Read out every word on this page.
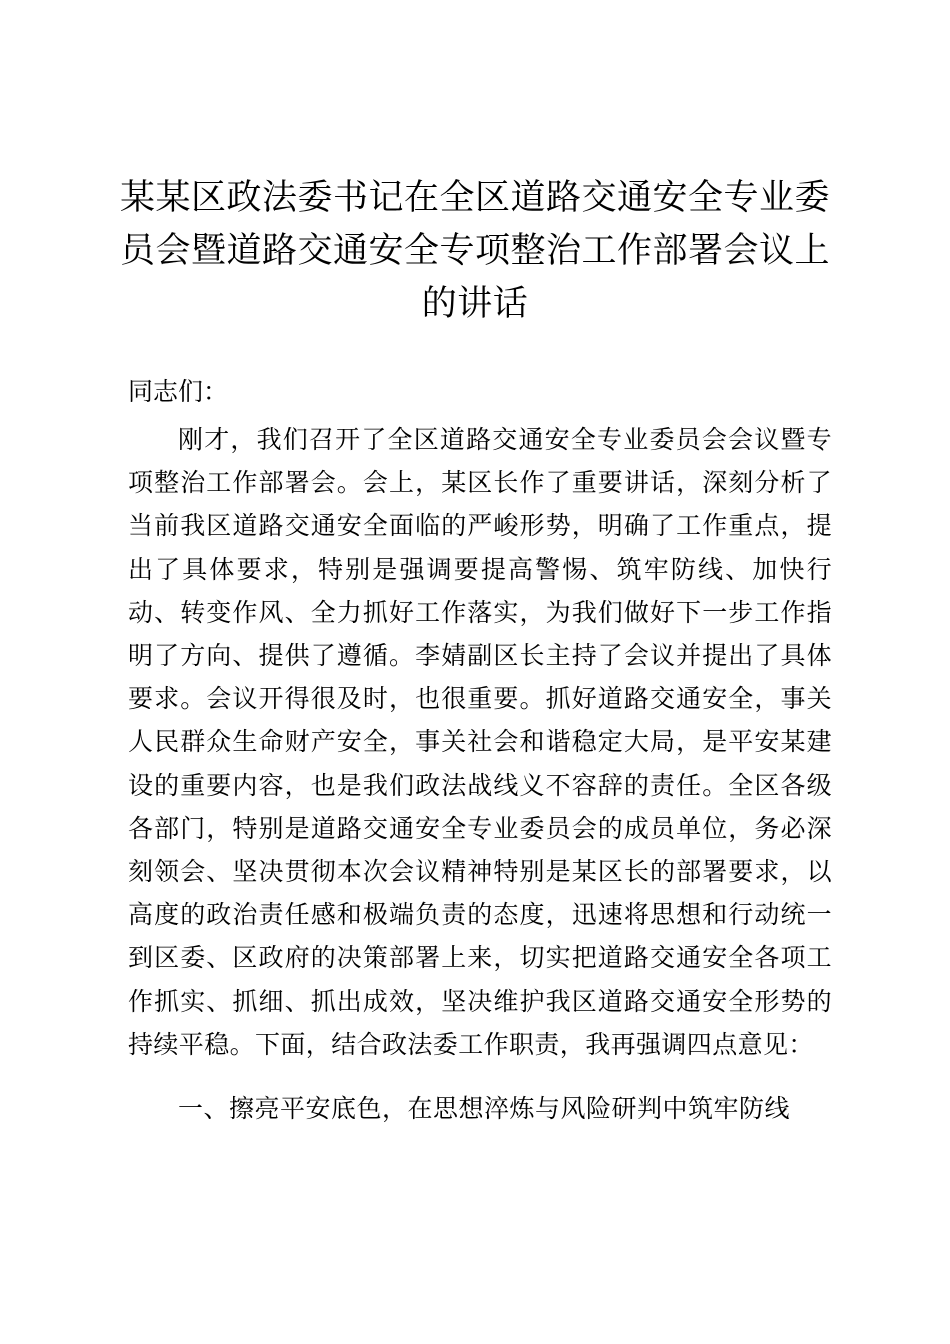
某某区政法委书记在全区道路交通安全专业委员会暨道路交通安全专项整治工作部署会议上的讲话

同志们：

刚才，我们召开了全区道路交通安全专业委员会会议暨专项整治工作部署会。会上，某区长作了重要讲话，深刻分析了当前我区道路交通安全面临的严峻形势，明确了工作重点，提出了具体要求，特别是强调要提高警惕、筑牢防线、加快行动、转变作风、全力抓好工作落实，为我们做好下一步工作指明了方向、提供了遵循。李婧副区长主持了会议并提出了具体要求。会议开得很及时，也很重要。抓好道路交通安全，事关人民群众生命财产安全，事关社会和谐稳定大局，是平安某建设的重要内容，也是我们政法战线义不容辞的责任。全区各级各部门，特别是道路交通安全专业委员会的成员单位，务必深刻领会、坚决贯彻本次会议精神特别是某区长的部署要求，以高度的政治责任感和极端负责的态度，迅速将思想和行动统一到区委、区政府的决策部署上来，切实把道路交通安全各项工作抓实、抓细、抓出成效，坚决维护我区道路交通安全形势的持续平稳。下面，结合政法委工作职责，我再强调四点意见：

一、擦亮平安底色，在思想淬炼与风险研判中筑牢防线
